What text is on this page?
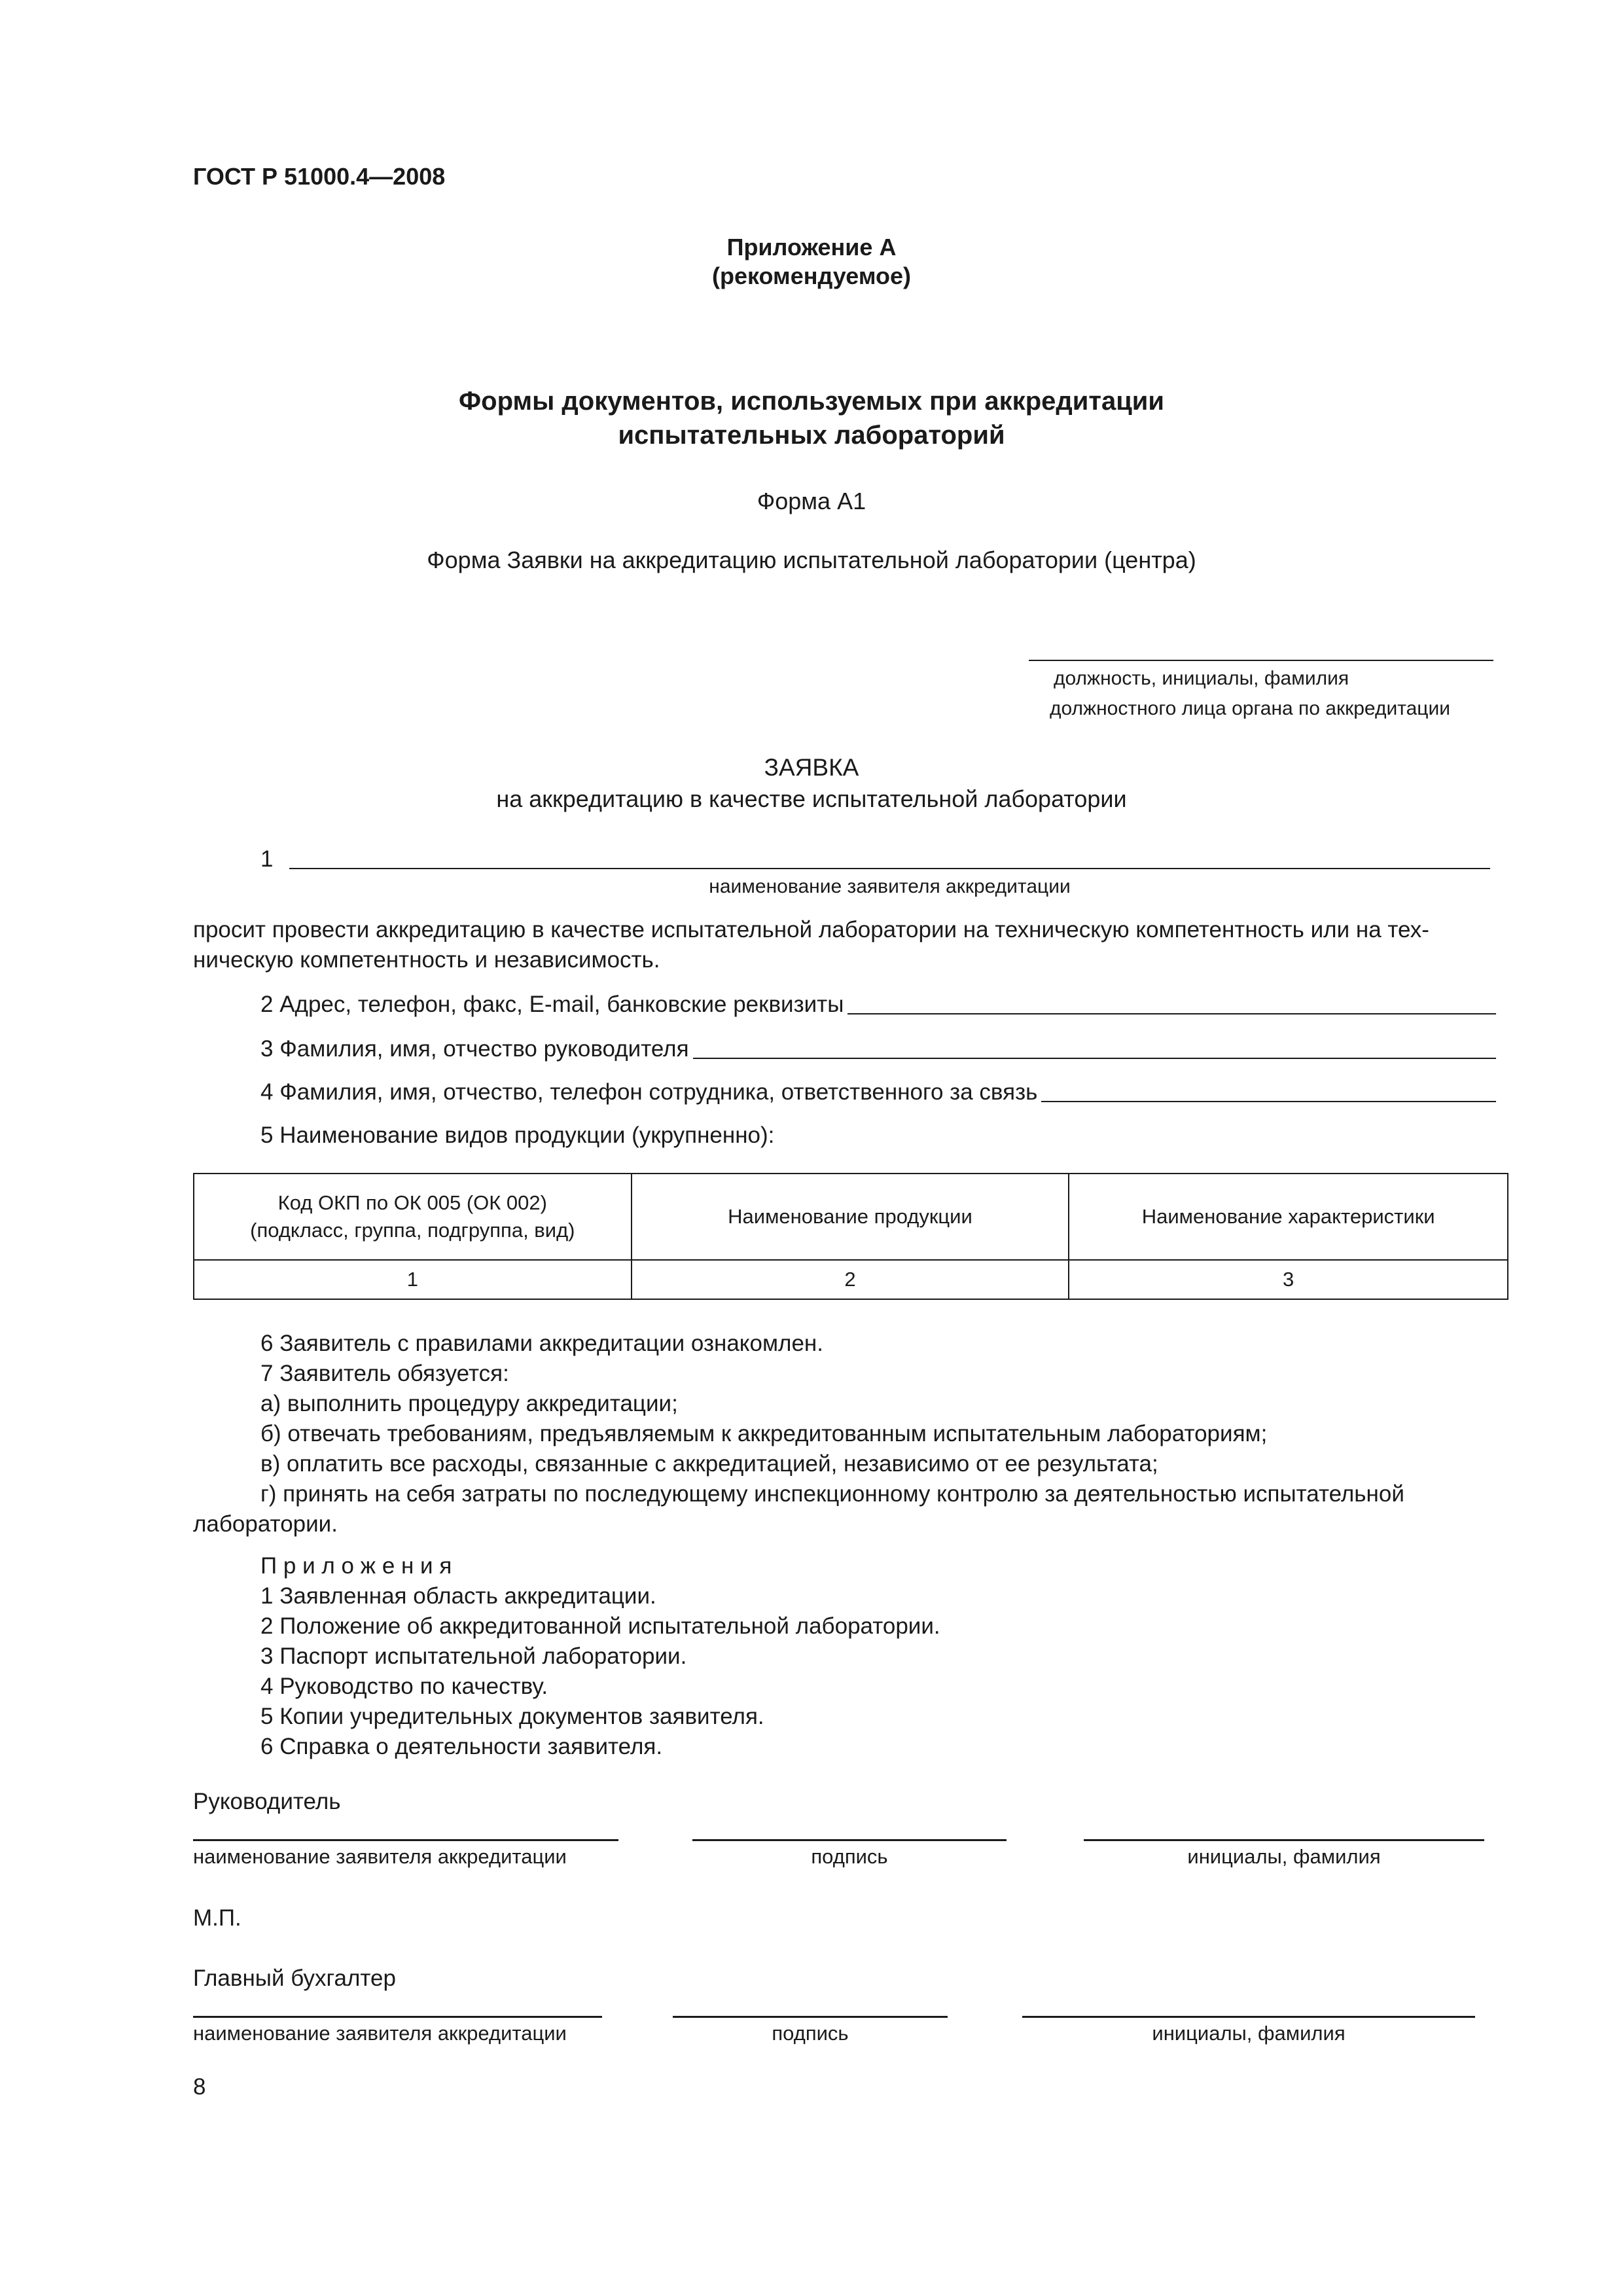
ГОСТ Р 51000.4—2008
Приложение А
(рекомендуемое)
Формы документов, используемых при аккредитации
испытательных лабораторий
Форма А1
Форма Заявки на аккредитацию испытательной лаборатории (центра)
должность, инициалы, фамилия
должностного лица органа по аккредитации
ЗАЯВКА
на аккредитацию в качестве испытательной лаборатории
1
наименование заявителя аккредитации
просит провести аккредитацию в качестве испытательной лаборатории на техническую компетентность или на тех-
ническую компетентность и независимость.
2 Адрес, телефон, факс, E-mail, банковские реквизиты
3 Фамилия, имя, отчество руководителя
4 Фамилия, имя, отчество, телефон сотрудника, ответственного за связь
5 Наименование видов продукции (укрупненно):
Код ОКП по ОК 005 (ОК 002)
(подкласс, группа, подгруппа, вид)	Наименование продукции	Наименование характеристики
1	2	3
6 Заявитель с правилами аккредитации ознакомлен.
7 Заявитель обязуется:
а) выполнить процедуру аккредитации;
б) отвечать требованиям, предъявляемым к аккредитованным испытательным лабораториям;
в) оплатить все расходы, связанные с аккредитацией, независимо от ее результата;
г) принять на себя затраты по последующему инспекционному контролю за деятельностью испытательной
лаборатории.
П р и л о ж е н и я
1 Заявленная область аккредитации.
2 Положение об аккредитованной испытательной лаборатории.
3 Паспорт испытательной лаборатории.
4 Руководство по качеству.
5 Копии учредительных документов заявителя.
6 Справка о деятельности заявителя.
Руководитель
наименование заявителя аккредитации	подпись	инициалы, фамилия
М.П.
Главный бухгалтер
наименование заявителя аккредитации	подпись	инициалы, фамилия
8
